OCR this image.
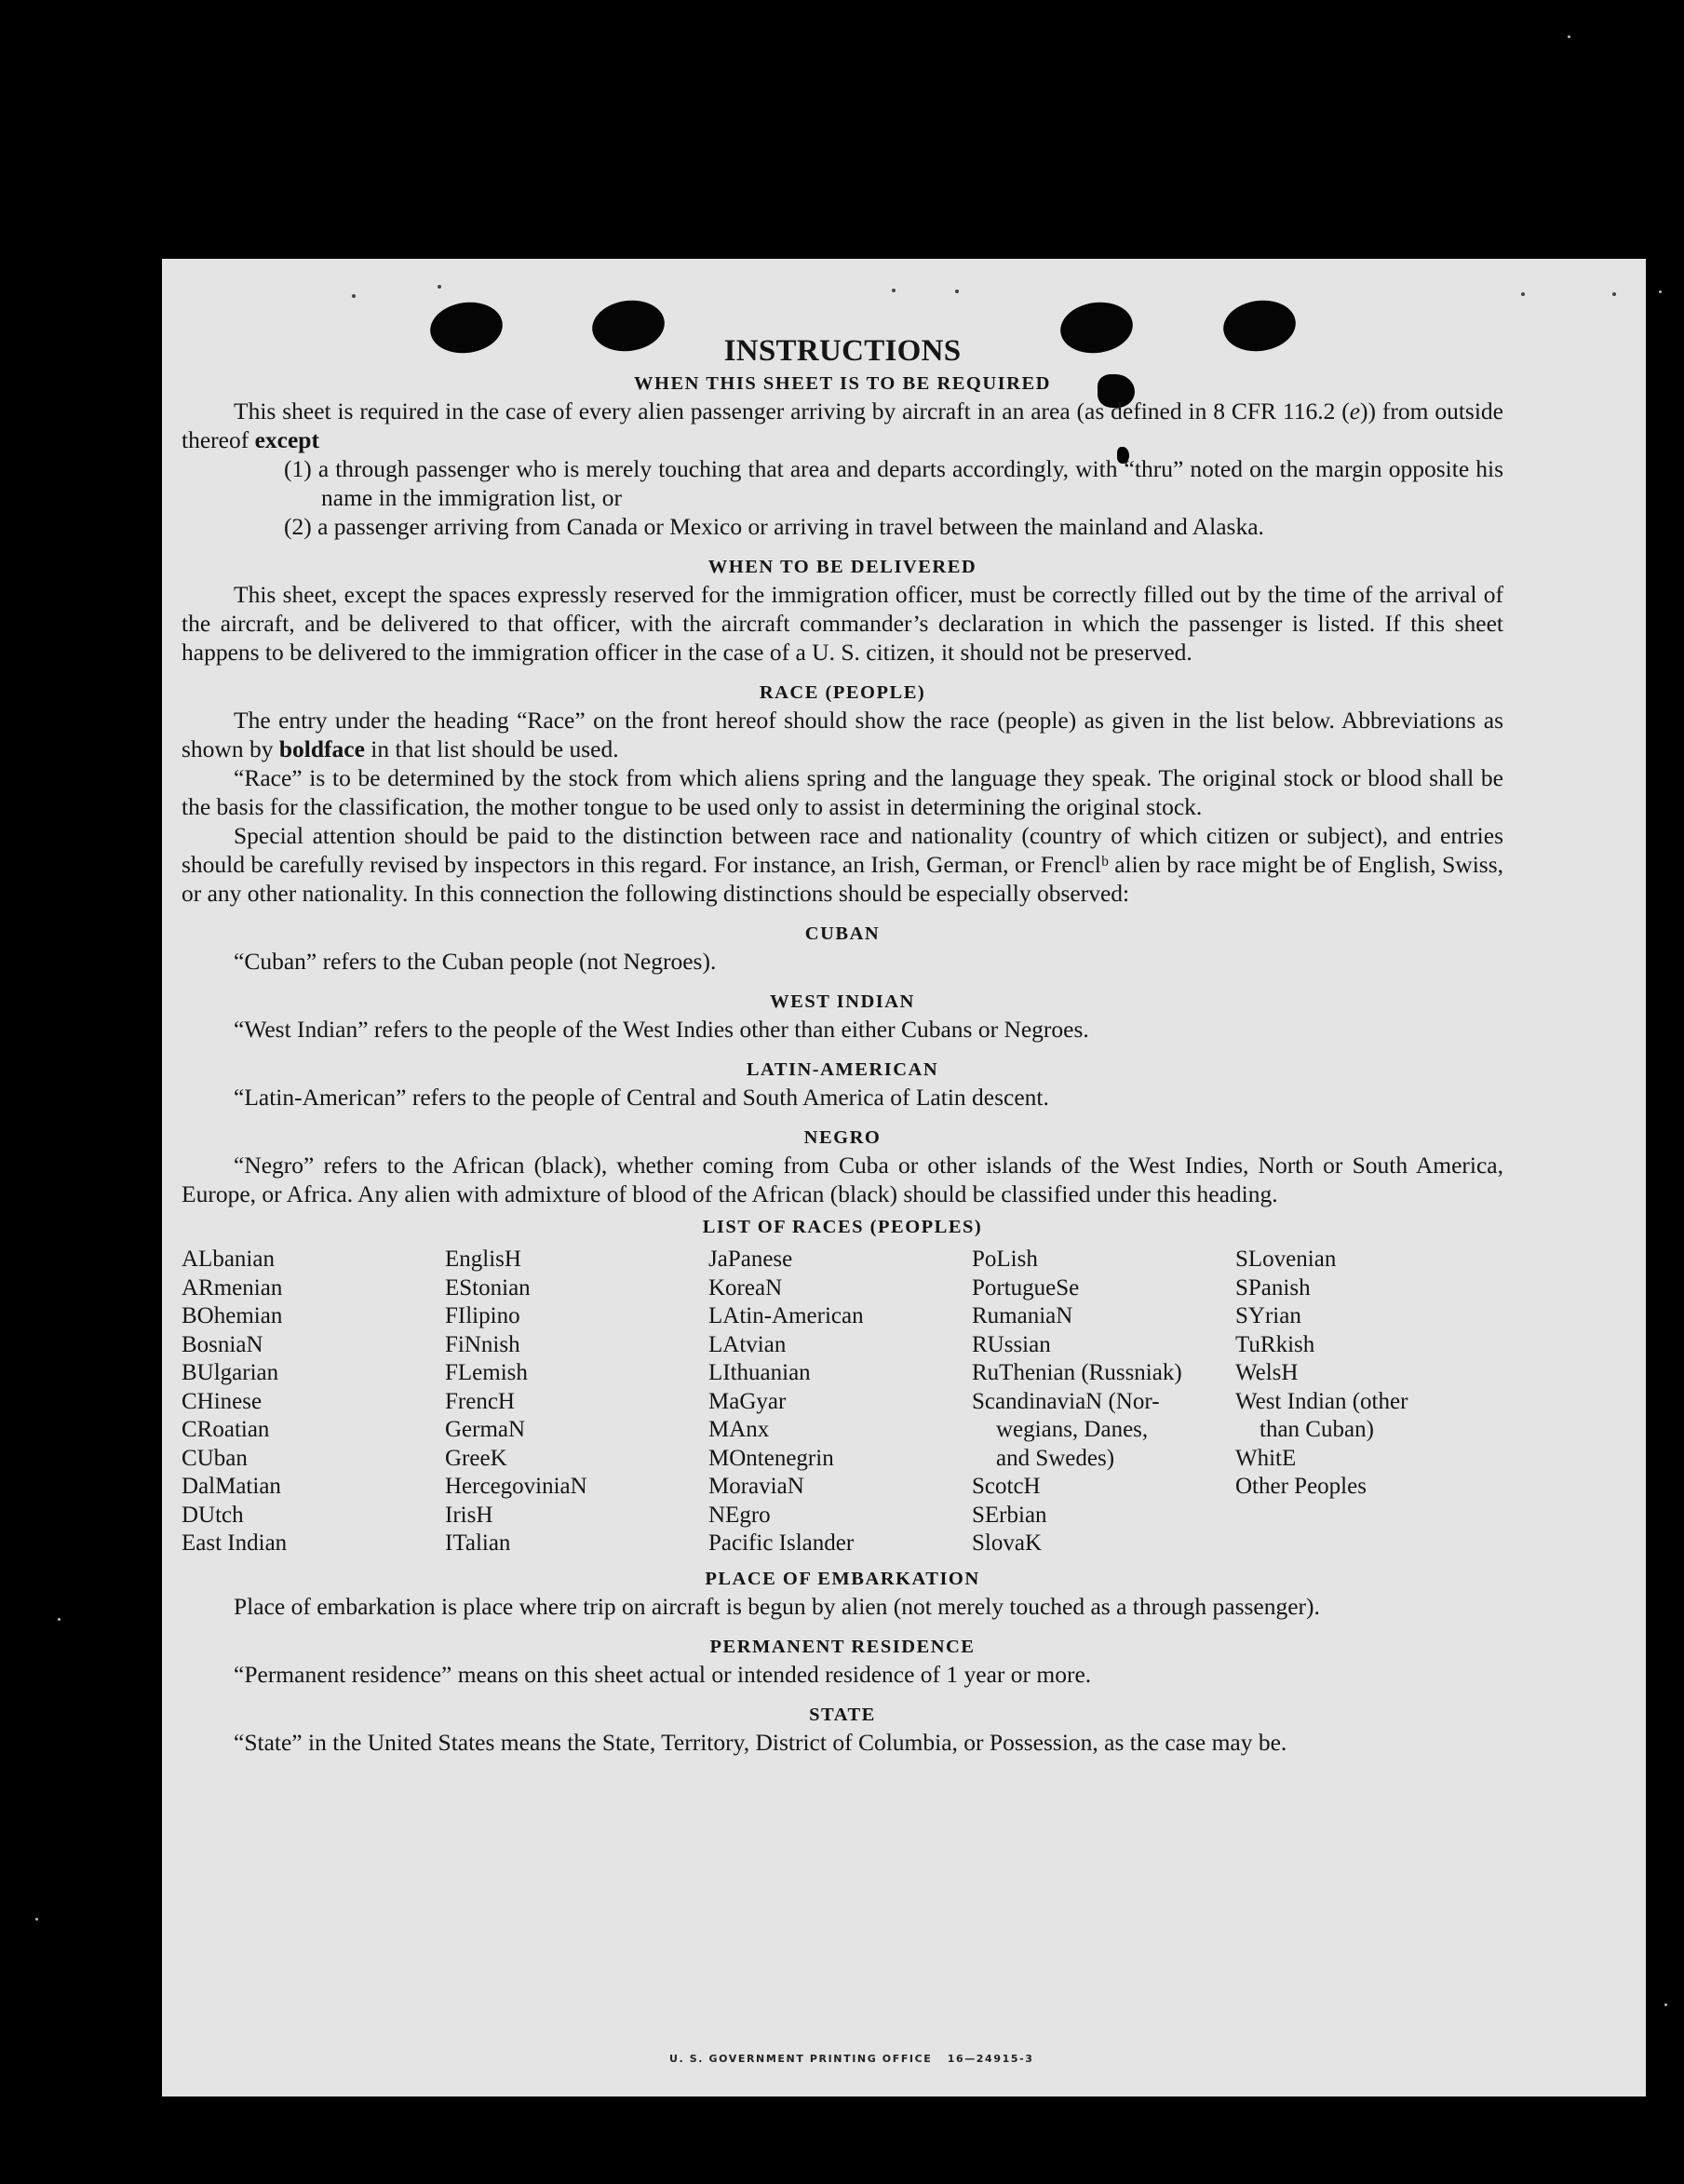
INSTRUCTIONS
WHEN THIS SHEET IS TO BE REQUIRED

This sheet is required in the case of every alien passenger arriving by aircraft in an area (as defined in 8 CFR 116.2 (e)) from outside thereof except

(1) a through passenger who is merely touching that area and departs accordingly, with “thru” noted on the margin opposite his name in the immigration list, or

(2) a passenger arriving from Canada or Mexico or arriving in travel between the mainland and Alaska.

WHEN TO BE DELIVERED

This sheet, except the spaces expressly reserved for the immigration officer, must be correctly filled out by the time of the arrival of the aircraft, and be delivered to that officer, with the aircraft commander’s declaration in which the passenger is listed. If this sheet happens to be delivered to the immigration officer in the case of a U. S. citizen, it should not be preserved.

RACE (PEOPLE)

The entry under the heading “Race” on the front hereof should show the race (people) as given in the list below. Abbreviations as shown by boldface in that list should be used.

“Race” is to be determined by the stock from which aliens spring and the language they speak. The original stock or blood shall be the basis for the classification, the mother tongue to be used only to assist in determining the original stock.

Special attention should be paid to the distinction between race and nationality (country of which citizen or subject), and entries should be carefully revised by inspectors in this regard. For instance, an Irish, German, or Frenclᵇ alien by race might be of English, Swiss, or any other nationality. In this connection the following distinctions should be especially observed:

CUBAN

“Cuban” refers to the Cuban people (not Negroes).

WEST INDIAN

“West Indian” refers to the people of the West Indies other than either Cubans or Negroes.

LATIN-AMERICAN

“Latin-American” refers to the people of Central and South America of Latin descent.

NEGRO

“Negro” refers to the African (black), whether coming from Cuba or other islands of the West Indies, North or South America, Europe, or Africa. Any alien with admixture of blood of the African (black) should be classified under this heading.

LIST OF RACES (PEOPLES)
ALbanian
ARmenian
BOhemian
BosniaN
BUlgarian
CHinese
CRoatian
CUban
DalMatian
DUtch
East Indian
EnglisH
EStonian
FIlipino
FiNnish
FLemish
FrencH
GermaN
GreeK
HercegoviniaN
IrisH
ITalian
JaPanese
KoreaN
LAtin-American
LAtvian
LIthuanian
MaGyar
MAnx
MOntenegrin
MoraviaN
NEgro
Pacific Islander
PoLish
PortugueSe
RumaniaN
RUssian
RuThenian (Russniak)
ScandinaviaN (Nor-
wegians, Danes,
and Swedes)
ScotcH
SErbian
SlovaK
SLovenian
SPanish
SYrian
TuRkish
WelsH
West Indian (other
than Cuban)
WhitE
Other Peoples
PLACE OF EMBARKATION

Place of embarkation is place where trip on aircraft is begun by alien (not merely touched as a through passenger).

PERMANENT RESIDENCE

“Permanent residence” means on this sheet actual or intended residence of 1 year or more.

STATE

“State” in the United States means the State, Territory, District of Columbia, or Possession, as the case may be.

U. S. GOVERNMENT PRINTING OFFICE   16—24915-3
